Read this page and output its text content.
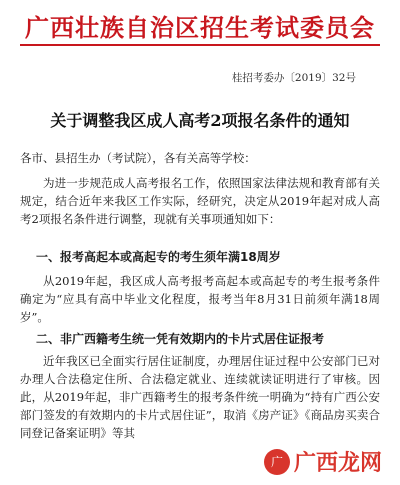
广西壮族自治区招生考试委员会
桂招考委办〔2019〕32号
关于调整我区成人高考2项报名条件的通知
各市、县招生办（考试院），各有关高等学校：
为进一步规范成人高考报名工作，依照国家法律法规和教育部有关规定，结合近年来我区工作实际，经研究，决定从2019年起对成人高考2项报名条件进行调整，现就有关事项通知如下：
一、报考高起本或高起专的考生须年满18周岁
从2019年起，我区成人高考报考高起本或高起专的考生报考条件确定为“应具有高中毕业文化程度，报考当年8月31日前须年满18周岁”。
二、非广西籍考生统一凭有效期内的卡片式居住证报考
近年我区已全面实行居住证制度，办理居住证过程中公安部门已对办理人合法稳定住所、合法稳定就业、连续就读证明进行了审核。因此，从2019年起，非广西籍考生的报考条件统一明确为“持有广西公安部门签发的有效期内的卡片式居住证”，取消《房产证》《商品房买卖合同登记备案证明》等其
广 广西龙网
